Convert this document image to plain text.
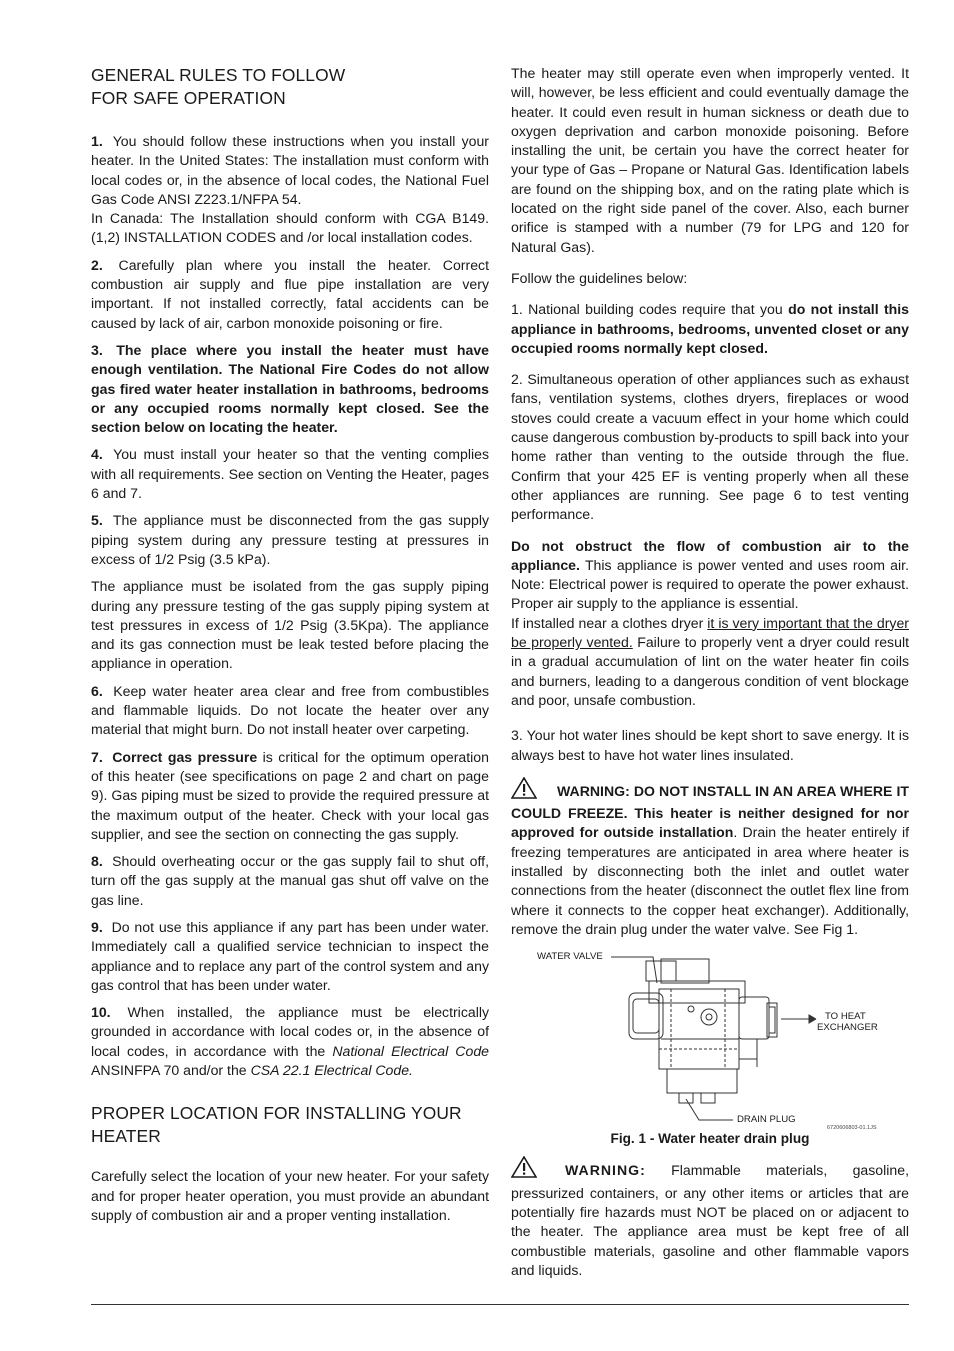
GENERAL RULES TO FOLLOW FOR SAFE OPERATION

1. You should follow these instructions when you install your heater. In the United States: The installation must conform with local codes or, in the absence of local codes, the National Fuel Gas Code ANSI Z223.1/NFPA 54.

In Canada: The Installation should conform with CGA B149.(1,2) INSTALLATION CODES and /or local installation codes.

2. Carefully plan where you install the heater. Correct combustion air supply and flue pipe installation are very important. If not installed correctly, fatal accidents can be caused by lack of air, carbon monoxide poisoning or fire.

3. The place where you install the heater must have enough ventilation. The National Fire Codes do not allow gas fired water heater installation in bathrooms, bedrooms or any occupied rooms normally kept closed. See the section below on locating the heater.

4. You must install your heater so that the venting complies with all requirements. See section on Venting the Heater, pages 6 and 7.

5. The appliance must be disconnected from the gas supply piping system during any pressure testing at pressures in excess of 1/2 Psig (3.5 kPa).

The appliance must be isolated from the gas supply piping during any pressure testing of the gas supply piping system at test pressures in excess of 1/2 Psig (3.5Kpa). The appliance and its gas connection must be leak tested before placing the appliance in operation.

6. Keep water heater area clear and free from combustibles and flammable liquids. Do not locate the heater over any material that might burn. Do not install heater over carpeting.

7. Correct gas pressure is critical for the optimum operation of this heater (see specifications on page 2 and chart on page 9). Gas piping must be sized to provide the required pressure at the maximum output of the heater. Check with your local gas supplier, and see the section on connecting the gas supply.

8. Should overheating occur or the gas supply fail to shut off, turn off the gas supply at the manual gas shut off valve on the gas line.

9. Do not use this appliance if any part has been under water. Immediately call a qualified service technician to inspect the appliance and to replace any part of the control system and any gas control that has been under water.

10. When installed, the appliance must be electrically grounded in accordance with local codes or, in the absence of local codes, in accordance with the National Electrical Code ANSINFPA 70 and/or the CSA 22.1 Electrical Code.

PROPER LOCATION FOR INSTALLING YOUR HEATER

Carefully select the location of your new heater. For your safety and for proper heater operation, you must provide an abundant supply of combustion air and a proper venting installation.

The heater may still operate even when improperly vented. It will, however, be less efficient and could eventually damage the heater. It could even result in human sickness or death due to oxygen deprivation and carbon monoxide poisoning. Before installing the unit, be certain you have the correct heater for your type of Gas – Propane or Natural Gas. Identification labels are found on the shipping box, and on the rating plate which is located on the right side panel of the cover. Also, each burner orifice is stamped with a number (79 for LPG and 120 for Natural Gas).

Follow the guidelines below:

1. National building codes require that you do not install this appliance in bathrooms, bedrooms, unvented closet or any occupied rooms normally kept closed.

2. Simultaneous operation of other appliances such as exhaust fans, ventilation systems, clothes dryers, fireplaces or wood stoves could create a vacuum effect in your home which could cause dangerous combustion by-products to spill back into your home rather than venting to the outside through the flue. Confirm that your 425 EF is venting properly when all these other appliances are running. See page 6 to test venting performance.

Do not obstruct the flow of combustion air to the appliance. This appliance is power vented and uses room air. Note: Electrical power is required to operate the power exhaust. Proper air supply to the appliance is essential.

If installed near a clothes dryer it is very important that the dryer be properly vented. Failure to properly vent a dryer could result in a gradual accumulation of lint on the water heater fin coils and burners, leading to a dangerous condition of vent blockage and poor, unsafe combustion.

3. Your hot water lines should be kept short to save energy. It is always best to have hot water lines insulated.

WARNING: DO NOT INSTALL IN AN AREA WHERE IT COULD FREEZE. This heater is neither designed for nor approved for outside installation. Drain the heater entirely if freezing temperatures are anticipated in area where heater is installed by disconnecting both the inlet and outlet water connections from the heater (disconnect the outlet flex line from where it connects to the copper heat exchanger). Additionally, remove the drain plug under the water valve. See Fig 1.

WATER VALVE
TO HEAT
EXCHANGER
DRAIN PLUG
6720606803-01.1JS
Fig. 1 - Water heater drain plug

WARNING: Flammable materials, gasoline, pressurized containers, or any other items or articles that are potentially fire hazards must NOT be placed on or adjacent to the heater. The appliance area must be kept free of all combustible materials, gasoline and other flammable vapors and liquids.
